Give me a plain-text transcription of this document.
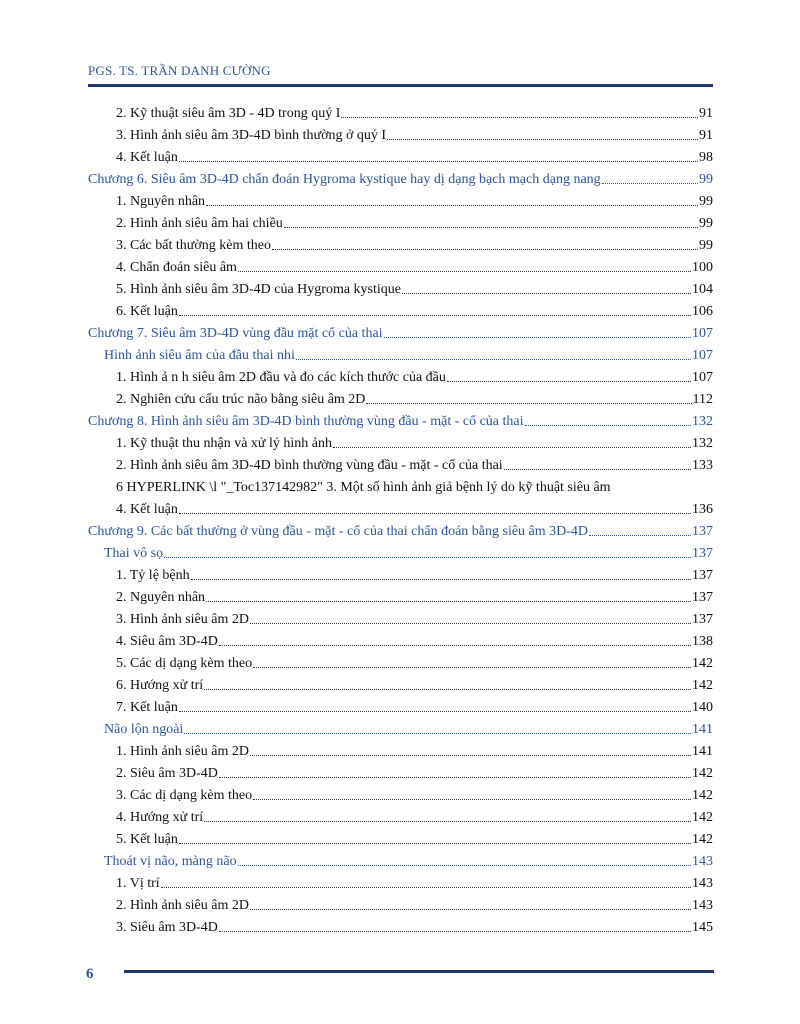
PGS. TS. TRẦN DANH CƯỜNG
2. Kỹ thuật siêu âm 3D - 4D trong quý I	91
3. Hình ảnh siêu âm 3D-4D bình thường ở quý I	91
4. Kết luận	98
Chương 6. Siêu âm 3D-4D chẩn đoán Hygroma kystique hay dị dạng bạch mạch dạng nang	99
1. Nguyên nhân	99
2. Hình ảnh siêu âm hai chiều	99
3. Các bất thường kèm theo	99
4. Chẩn đoán siêu âm	100
5. Hình ảnh siêu âm 3D-4D của Hygroma kystique	104
6. Kết luận	106
Chương 7. Siêu âm 3D-4D vùng đầu mặt cổ của thai	107
Hình ảnh siêu âm của đầu thai nhi	107
1. Hình ả n h siêu âm 2D đầu và đo các kích thước của đầu	107
2. Nghiên cứu cấu trúc não bằng siêu âm 2D	112
Chương 8. Hình ảnh siêu âm 3D-4D bình thường vùng đầu - mặt - cổ của thai	132
1. Kỹ thuật thu nhận và xử lý hình ảnh	132
2. Hình ảnh siêu âm 3D-4D bình thường vùng đầu - mặt - cổ của thai	133
6 HYPERLINK \l "_Toc137142982" 3. Một số hình ảnh giả bệnh lý do kỹ thuật siêu âm
4. Kết luận	136
Chương 9. Các bất thường ở vùng đầu - mặt - cổ của thai chẩn đoán bằng siêu âm 3D-4D	137
Thai vô sọ	137
1. Tỷ lệ bệnh	137
2. Nguyên nhân	137
3. Hình ảnh siêu âm 2D	137
4. Siêu âm 3D-4D	138
5. Các dị dạng kèm theo	142
6. Hướng xử trí	142
7. Kết luận	140
Não lộn ngoài	141
1. Hình ảnh siêu âm 2D	141
2. Siêu âm 3D-4D	142
3. Các dị dạng kèm theo	142
4. Hướng xử trí	142
5. Kết luận	142
Thoát vị não, màng não	143
1. Vị trí	143
2. Hình ảnh siêu âm 2D	143
3. Siêu âm 3D-4D	145
6
